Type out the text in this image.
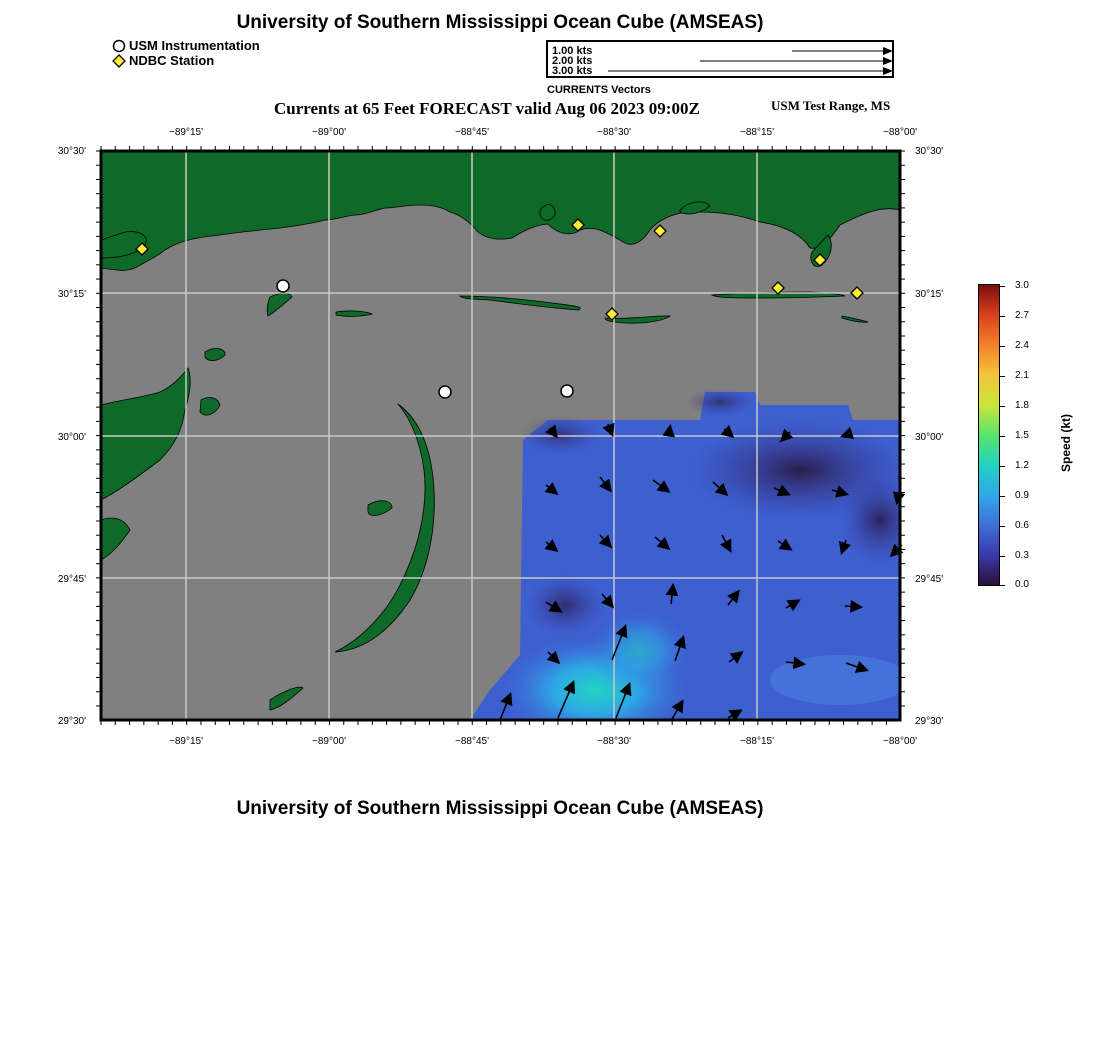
University of Southern Mississippi Ocean Cube (AMSEAS)
USM Instrumentation
NDBC Station
1.00 kts
2.00 kts
3.00 kts
CURRENTS Vectors
Currents at 65 Feet FORECAST valid Aug 06 2023 09:00Z	USM Test Range, MS
−89°15'	−89°00'	−88°45'	−88°30'	−88°15'	−88°00'
−89°15'	−89°00'	−88°45'	−88°30'	−88°15'	−88°00'
30°30'
30°15'
30°00'
29°45'
29°30'
30°30'
30°15'
30°00'
29°45'
29°30'
3.0
2.7
2.4
2.1
1.8
1.5
1.2
0.9
0.6
0.3
0.0
Speed (kt)
University of Southern Mississippi Ocean Cube (AMSEAS)
